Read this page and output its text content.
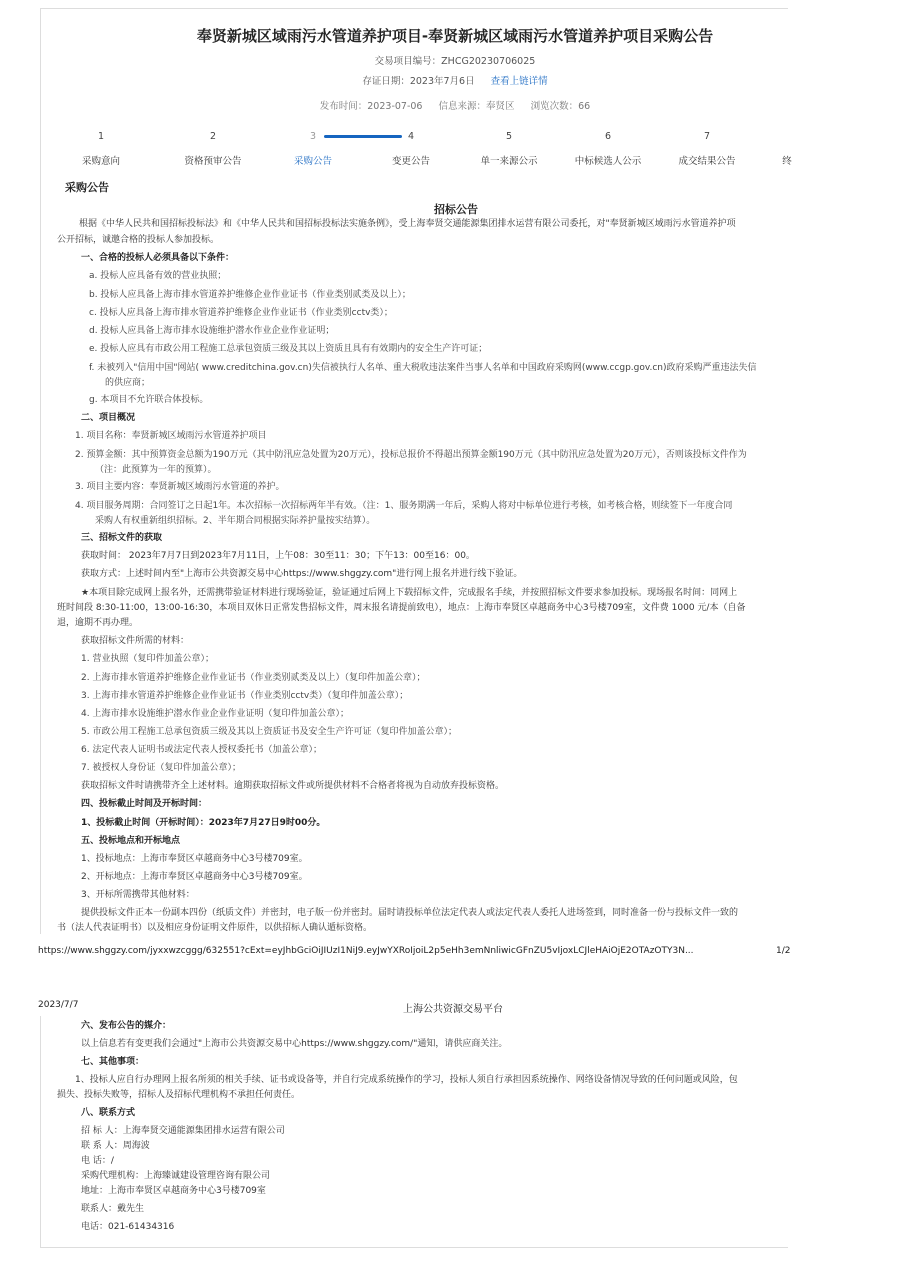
奉贤新城区域雨污水管道养护项目-奉贤新城区域雨污水管道养护项目采购公告
交易项目编号：ZHCG20230706025
存证日期：2023年7月6日 查看上链详情
发布时间：2023-07-06 信息来源：奉贤区 浏览次数：66
1
采购意向
2
资格预审公告
3
采购公告
4
变更公告
5
单一来源公示
6
中标候选人公示
7
成交结果公告	终
采购公告
招标公告
根据《中华人民共和国招标投标法》和《中华人民共和国招标投标法实施条例》，受上海奉贤交通能源集团排水运营有限公司委托，对"奉贤新城区域雨污水管道养护项
公开招标，诚邀合格的投标人参加投标。
一、合格的投标人必须具备以下条件：
a. 投标人应具备有效的营业执照；
b. 投标人应具备上海市排水管道养护维修企业作业证书（作业类别贰类及以上）；
c. 投标人应具备上海市排水管道养护维修企业作业证书（作业类别cctv类）；
d. 投标人应具备上海市排水设施维护潜水作业企业作业证明；
e. 投标人应具有市政公用工程施工总承包资质三级及其以上资质且具有有效期内的安全生产许可证；
f. 未被列入"信用中国"网站( www.creditchina.gov.cn)失信被执行人名单、重大税收违法案件当事人名单和中国政府采购网(www.ccgp.gov.cn)政府采购严重违法失信
的供应商；
g. 本项目不允许联合体投标。
二、项目概况
1. 项目名称：奉贤新城区域雨污水管道养护项目
2. 预算金额：其中预算资金总额为190万元（其中防汛应急处置为20万元），投标总报价不得超出预算金额190万元（其中防汛应急处置为20万元），否则该投标文件作为
（注：此预算为一年的预算）。
3. 项目主要内容：奉贤新城区域雨污水管道的养护。
4. 项目服务周期：合同签订之日起1年。本次招标一次招标两年半有效。（注：1、服务期满一年后，采购人将对中标单位进行考核，如考核合格，则续签下一年度合同
采购人有权重新组织招标。2、半年期合同根据实际养护量按实结算）。
三、招标文件的获取
获取时间： 2023年7月7日到2023年7月11日，上午08：30至11：30；下午13：00至16：00。
获取方式：上述时间内至"上海市公共资源交易中心https://www.shggzy.com"进行网上报名并进行线下验证。
★本项目除完成网上报名外，还需携带验证材料进行现场验证，验证通过后网上下载招标文件，完成报名手续，并按照招标文件要求参加投标。现场报名时间：同网上
班时间段 8:30-11:00，13:00-16:30，本项目双休日正常发售招标文件，周末报名请提前致电），地点：上海市奉贤区卓越商务中心3号楼709室，文件费 1000 元/本（自备
退，逾期不再办理。
获取招标文件所需的材料：
1. 营业执照（复印件加盖公章）；
2. 上海市排水管道养护维修企业作业证书（作业类别贰类及以上）（复印件加盖公章）；
3. 上海市排水管道养护维修企业作业证书（作业类别cctv类）（复印件加盖公章）；
4. 上海市排水设施维护潜水作业企业作业证明（复印件加盖公章）；
5. 市政公用工程施工总承包资质三级及其以上资质证书及安全生产许可证（复印件加盖公章）；
6. 法定代表人证明书或法定代表人授权委托书（加盖公章）；
7. 被授权人身份证（复印件加盖公章）；
获取招标文件时请携带齐全上述材料。逾期获取招标文件或所提供材料不合格者将视为自动放弃投标资格。
四、投标截止时间及开标时间：
1、投标截止时间（开标时间）：2023年7月27日9时00分。
五、投标地点和开标地点
1、投标地点：上海市奉贤区卓越商务中心3号楼709室。
2、开标地点：上海市奉贤区卓越商务中心3号楼709室。
3、开标所需携带其他材料：
提供投标文件正本一份副本四份（纸质文件）并密封，电子版一份并密封。届时请投标单位法定代表人或法定代表人委托人进场签到，同时准备一份与投标文件一致的
书（法人代表证明书）以及相应身份证明文件原件，以供招标人确认遁标资格。
https://www.shggzy.com/jyxxwzcggg/632551?cExt=eyJhbGciOiJIUzI1NiJ9.eyJwYXRoIjoiL2p5eHh3emNnliwicGFnZU5vIjoxLCJleHAiOjE2OTAzOTY3N...	1/2
2023/7/7	上海公共资源交易平台
六、发布公告的媒介：
以上信息若有变更我们会通过"上海市公共资源交易中心https://www.shggzy.com/"通知，请供应商关注。
七、其他事项：
1、投标人应自行办理网上报名所须的相关手续、证书或设备等，并自行完成系统操作的学习，投标人须自行承担因系统操作、网络设备情况导致的任何问题或风险，包
损失、投标失败等，招标人及招标代理机构不承担任何责任。
八、联系方式
招 标 人：上海奉贤交通能源集团排水运营有限公司
联 系 人：周海波
电 话：/
采购代理机构：上海臻诚建设管理咨询有限公司
地址：上海市奉贤区卓越商务中心3号楼709室
联系人：戴先生
电话：021-61434316
